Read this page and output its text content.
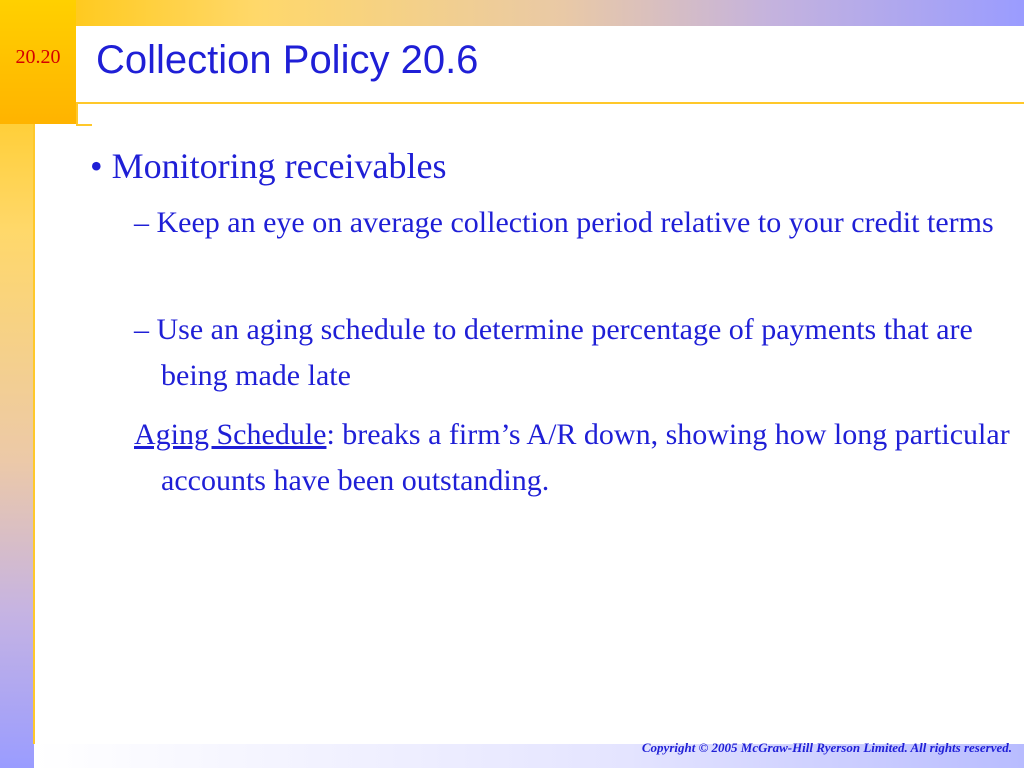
20.20 Collection Policy 20.6
• Monitoring receivables
– Keep an eye on average collection period relative to your credit terms
– Use an aging schedule to determine percentage of payments that are being made late
Aging Schedule: breaks a firm’s A/R down, showing how long particular accounts have been outstanding.
Copyright © 2005 McGraw-Hill Ryerson Limited. All rights reserved.
